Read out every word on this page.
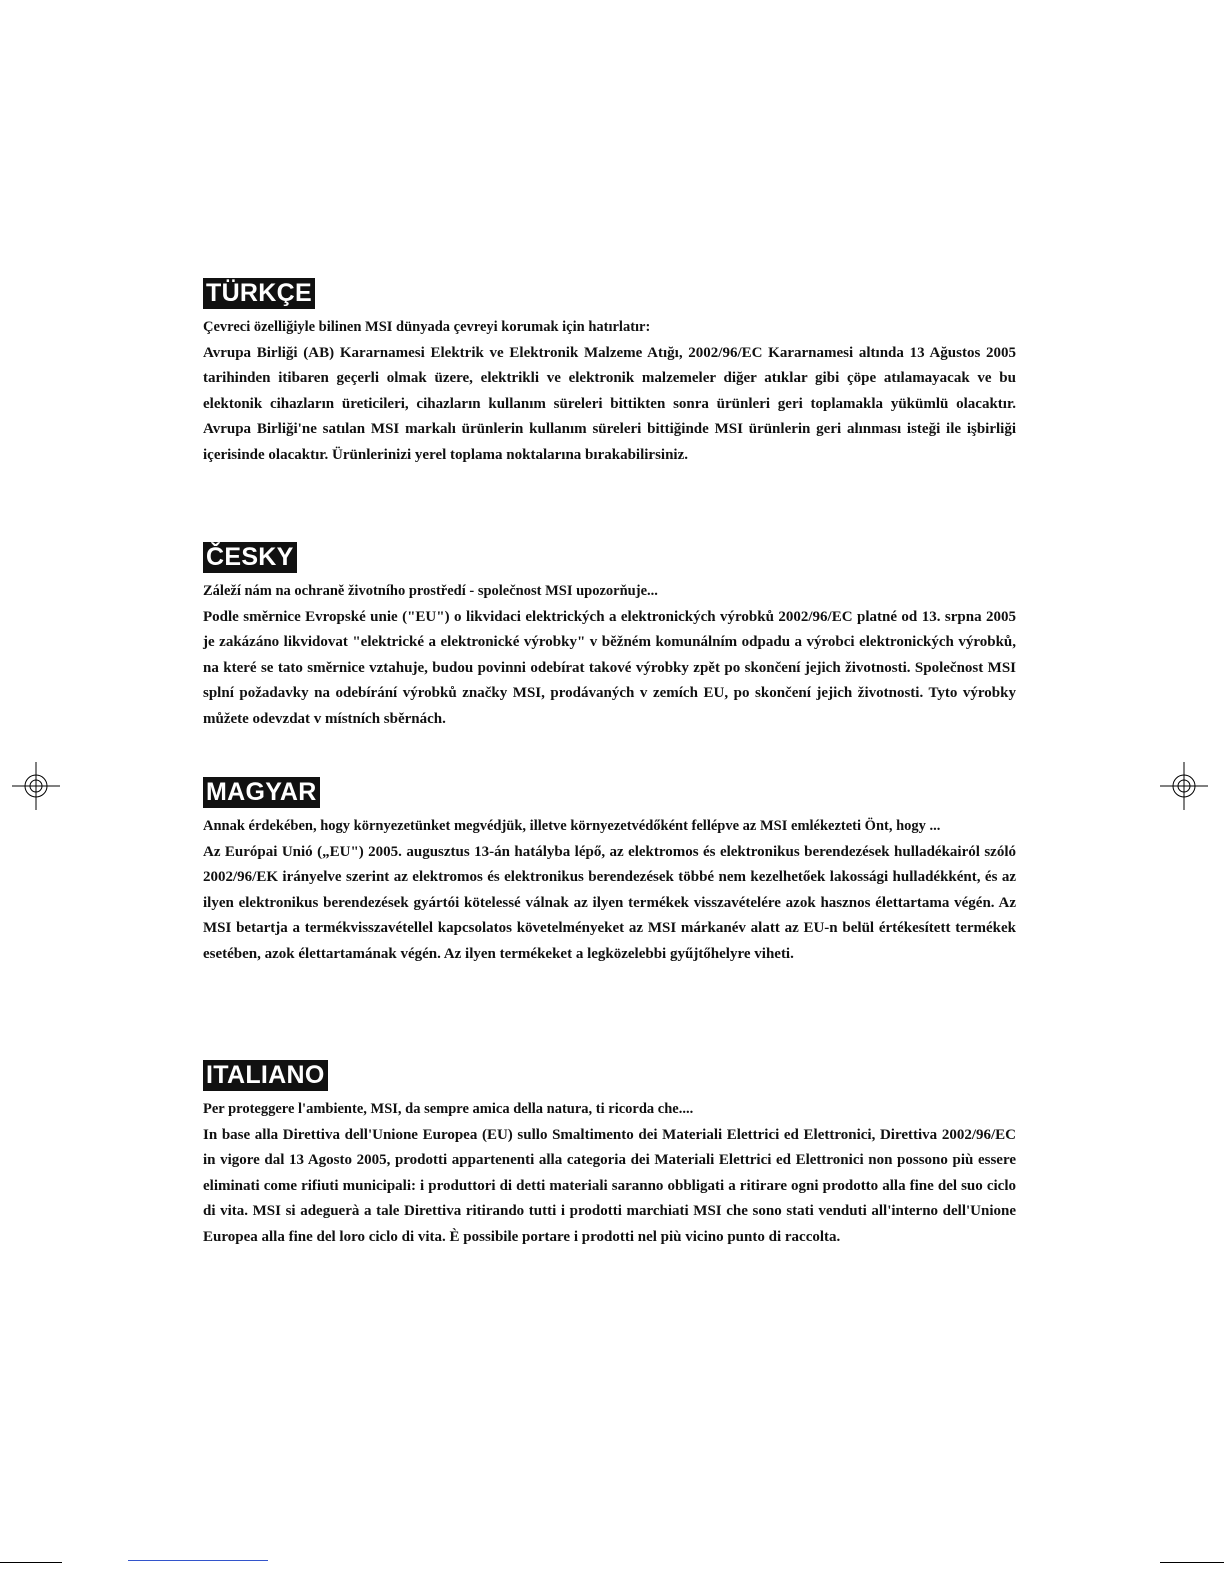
TÜRKÇE

Çevreci özelliğiyle bilinen MSI dünyada çevreyi korumak için hatırlatır:

Avrupa Birliği (AB) Kararnamesi Elektrik ve Elektronik Malzeme Atığı, 2002/96/EC Kararnamesi altında 13 Ağustos 2005 tarihinden itibaren geçerli olmak üzere, elektrikli ve elektronik malzemeler diğer atıklar gibi çöpe atılamayacak ve bu elektonik cihazların üreticileri, cihazların kullanım süreleri bittikten sonra ürünleri geri toplamakla yükümlü olacaktır. Avrupa Birliği'ne satılan MSI markalı ürünlerin kullanım süreleri bittiğinde MSI ürünlerin geri alınması isteği ile işbirliği içerisinde olacaktır. Ürünlerinizi yerel toplama noktalarına bırakabilirsiniz.

ČESKY

Záleží nám na ochraně životního prostředí - společnost MSI upozorňuje...

Podle směrnice Evropské unie ("EU") o likvidaci elektrických a elektronických výrobků 2002/96/EC platné od 13. srpna 2005 je zakázáno likvidovat "elektrické a elektronické výrobky" v běžném komunálním odpadu a výrobci elektronických výrobků, na které se tato směrnice vztahuje, budou povinni odebírat takové výrobky zpět po skončení jejich životnosti. Společnost MSI splní požadavky na odebírání výrobků značky MSI, prodávaných v zemích EU, po skončení jejich životnosti. Tyto výrobky můžete odevzdat v místních sběrnách.

MAGYAR

Annak érdekében, hogy környezetünket megvédjük, illetve környezetvédőként fellépve az MSI emlékezteti Önt, hogy ...

Az Európai Unió („EU") 2005. augusztus 13-án hatályba lépő, az elektromos és elektronikus berendezések hulladékairól szóló 2002/96/EK irányelve szerint az elektromos és elektronikus berendezések többé nem kezelhetőek lakossági hulladékként, és az ilyen elektronikus berendezések gyártói kötelessé válnak az ilyen termékek visszavételére azok hasznos élettartama végén. Az MSI betartja a termékvisszavétellel kapcsolatos követelményeket az MSI márkanév alatt az EU-n belül értékesített termékek esetében, azok élettartamának végén. Az ilyen termékeket a legközelebbi gyűjtőhelyre viheti.

ITALIANO

Per proteggere l'ambiente, MSI, da sempre amica della natura, ti ricorda che....

In base alla Direttiva dell'Unione Europea (EU) sullo Smaltimento dei Materiali Elettrici ed Elettronici, Direttiva 2002/96/EC in vigore dal 13 Agosto 2005, prodotti appartenenti alla categoria dei Materiali Elettrici ed Elettronici non possono più essere eliminati come rifiuti municipali: i produttori di detti materiali saranno obbligati a ritirare ogni prodotto alla fine del suo ciclo di vita. MSI si adeguerà a tale Direttiva ritirando tutti i prodotti marchiati MSI che sono stati venduti all'interno dell'Unione Europea alla fine del loro ciclo di vita. È possibile portare i prodotti nel più vicino punto di raccolta.
